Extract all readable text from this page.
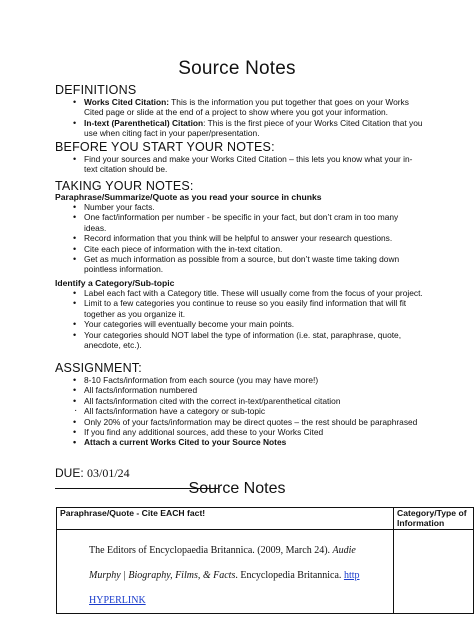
Source Notes
DEFINITIONS
• Works Cited Citation: This is the information you put together that goes on your Works Cited page or slide at the end of a project to show where you got your information.
• In-text (Parenthetical) Citation: This is the first piece of your Works Cited Citation that you use when citing fact in your paper/presentation.
BEFORE YOU START YOUR NOTES:
• Find your sources and make your Works Cited Citation – this lets you know what your in-text citation should be.
TAKING YOUR NOTES:
Paraphrase/Summarize/Quote as you read your source in chunks
• Number your facts.
• One fact/information per number - be specific in your fact, but don’t cram in too many ideas.
• Record information that you think will be helpful to answer your research questions.
• Cite each piece of information with the in-text citation.
• Get as much information as possible from a source, but don’t waste time taking down pointless information.
Identify a Category/Sub-topic
• Label each fact with a Category title. These will usually come from the focus of your project.
• Limit to a few categories you continue to reuse so you easily find information that will fit together as you organize it.
• Your categories will eventually become your main points.
• Your categories should NOT label the type of information (i.e. stat, paraphrase, quote, anecdote, etc.).
ASSIGNMENT:
• 8-10 Facts/information from each source (you may have more!)
• All facts/information numbered
• All facts/information cited with the correct in-text/parenthetical citation
· All facts/information have a category or sub-topic
• Only 20% of your facts/information may be direct quotes – the rest should be paraphrased
• If you find any additional sources, add these to your Works Cited
• Attach a current Works Cited to your Source Notes
DUE: 03/01/24
Source Notes
Paraphrase/Quote - Cite EACH fact!	Category/Type of Information

The Editors of Encyclopaedia Britannica. (2009, March 24). Audie Murphy | Biography, Films, & Facts. Encyclopedia Britannica. http HYPERLINK	
